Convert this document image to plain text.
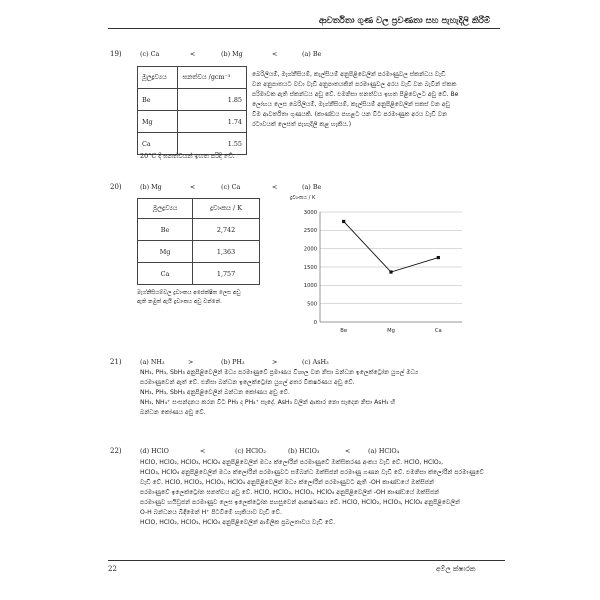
ආවර්තිතා ගුණ වල ප්‍රවණතා සහ පැහැදිලි කිරීම්
19)	(c) Ca	<	(b) Mg	<	(a) Be
මූලද්‍රව්‍යය	ඝනත්වය /gcm⁻³
Be	1.85
Mg	1.74
Ca	1.55
20°C දී ඝනත්වයන් ඉහත පරිදි වේ.
බෙරිලියම්, මැග්නීසියම්, කැල්සියම් අනුපිළිවෙලින් පරමාණුවල ස්කන්ධය වැඩි
වන අනුපාතයට වඩා වැඩි අනුපාතයකින් පරමාණුවල අරය වැඩි වන බැවින් ඒකක
පරිමාවක ඇති ස්කන්ධය අඩු වේ. එමනිසා ඝනත්වය ඉහත පිළිවෙලට අඩු වේ. Be
ලෝහය ලෙස බෙරිලියම්, මැග්නීසියම්, කැල්සියම් අනුපිළිවෙලින් සකස් වන අඩු
වීම ආවර්තිතා ගුණයකි. (කාණ්ඩය පහළට යන විට පරමාණුක අරය වැඩි වන
රටාවයක් ලෙසත් පැහැදිලි කළ හැකිය.)
20)	(b) Mg	<	(c) Ca	<	(a) Be
මූලද්‍රව්‍යය	ද්‍රවාංකය / K
Be	2,742
Mg	1,363
Ca	1,757
මැග්නීසියම්වල ද්‍රවාංකය අපේක්ෂිත ලෙස අඩු
ඇති නමුත් ඇයි ද්‍රවාංකය අඩු වන්නේ.
ද්‍රවාංකය / K
0
500
1000
1500
2000
2500
3000
Be	Mg	Ca
21)	(a) NH₃	>	(b) PH₃	>	(c) AsH₃
NH₃, PH₃, SbH₃ අනුපිළිවෙලින් මධ්‍ය පරමාණුවේ ප්‍රමාණය විශාල වන නිසා බන්ධන ඉලෙක්ට්‍රෝන යුගල් මධ්‍ය
පරමාණුවෙන් ඈත් වේ. එනිසා බන්ධන ඉලෙක්ට්‍රෝන යුගල් අතර විකර්ෂණය අඩු වේ.
NH₃, PH₃, SbH₃ අනුපිළිවෙලින් බන්ධන කෝණය අඩු වේ.
NH₃, NH₄⁺ සංසන්දනය කරන විට PH₃ ද PH₄⁺ සෑදේ. AsH₃ වලින් ආකාර නො සෑදෙන නිසා AsH₃ හි
බන්ධන කෝණය අඩු වේ.
22)	(d) HClO	<	(c) HClO₂	(b) HClO₃	<	(a) HClO₄
HClO, HClO₂, HClO₃, HClO₄ අනුපිළිවෙලින් මධ්‍ය ක්ලෝරීන් පරමාණුවේ ඔක්සිකරණ අංකය වැඩි වේ. HClO, HClO₂,
HClO₃, HClO₄ අනුපිළිවෙලින් මධ්‍ය ක්ලෝරීන් පරමාණුවට සම්බන්ධ ඔක්සිජන් පරමාණු ගණන වැඩි වේ. එමනිසා ක්ලෝරීන් පරමාණුවේ
වැඩි වේ. HClO, HClO₂, HClO₃, HClO₄ අනුපිළිවෙලින් මධ්‍ය ක්ලෝරීන් පරමාණුවට ඇති -OH කාණ්ඩයේ ඔක්සිජන්
පරමාණුවේ ඉලෙක්ට්‍රෝන ඝනත්වය අඩු වේ. HClO, HClO₂, HClO₃, HClO₄ අනුපිළිවෙලින් -OH කාණ්ඩයේ ඔක්සිජන්
පරමාණුව හයිඩ්‍රජන් පරමාණුව ලෙස ඉලෙක්ට්‍රෝන පහසුවෙන් ආකර්ෂණය වේ. HClO, HClO₂, HClO₃, HClO₄ අනුපිළිවෙලින්
O-H බන්ධනය බිඳීමෙන් H⁺ පිටවීමේ හැකියාව වැඩි වේ.
HClO, HClO₂, HClO₃, HClO₄ අනුපිළිවෙලින් ආම්ලික ප්‍රබලතාවය වැඩි වේ.
22	අම්ල ක්ෂාරක
